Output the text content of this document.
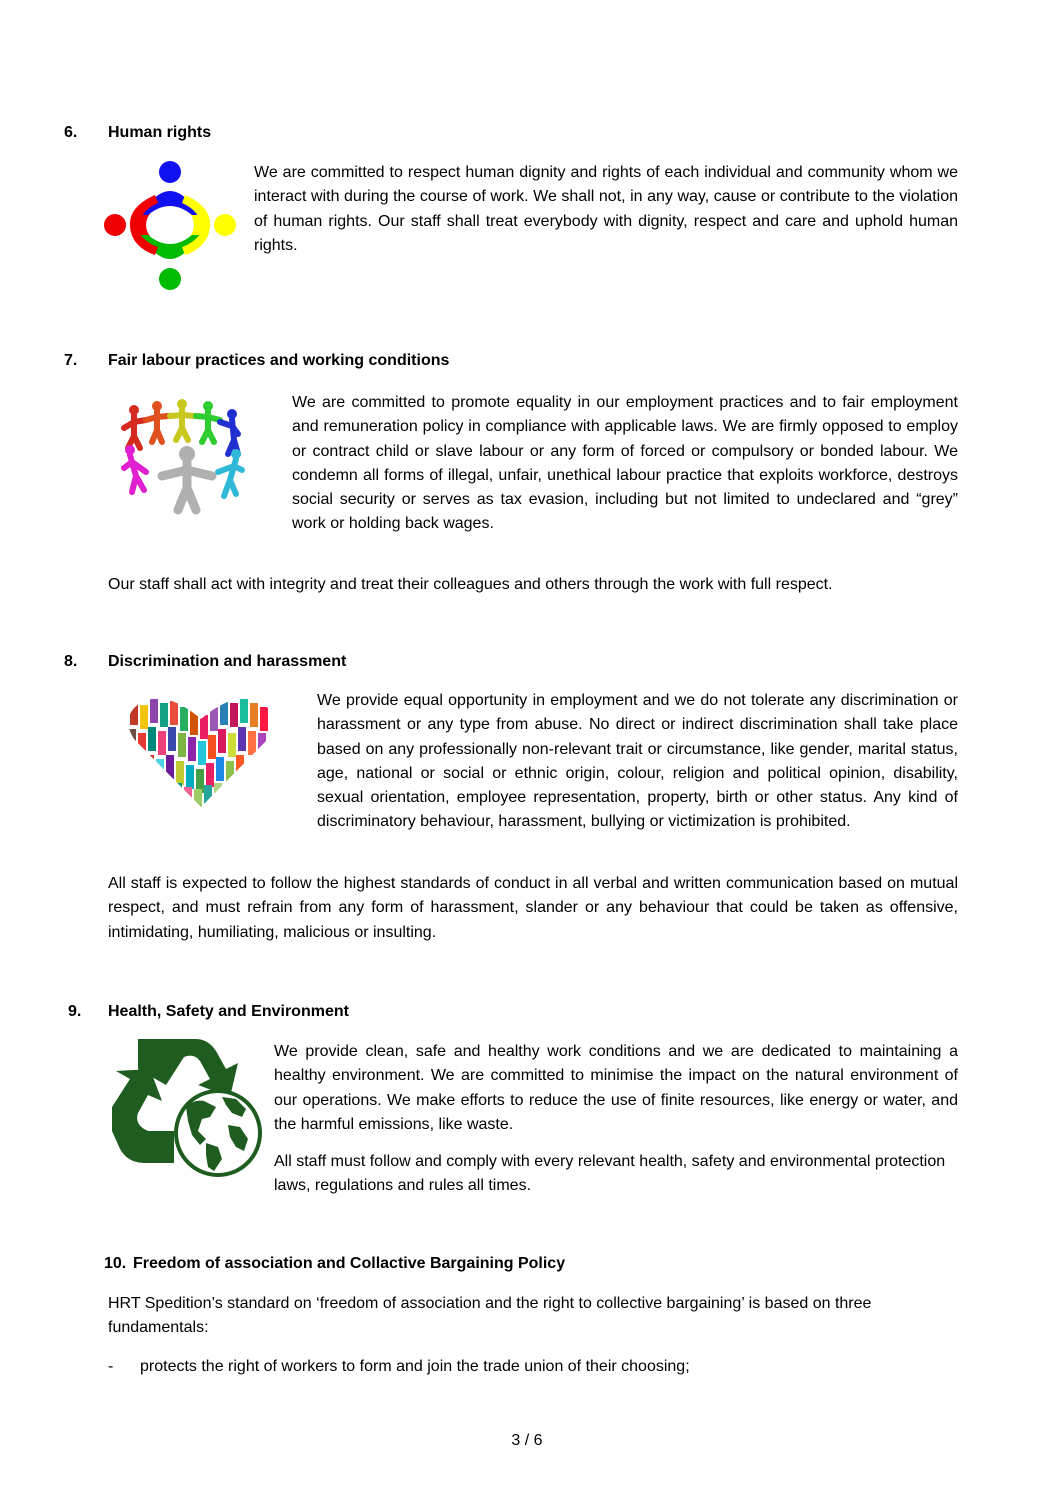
6. Human rights
We are committed to respect human dignity and rights of each individual and community whom we interact with during the course of work. We shall not, in any way, cause or contribute to the violation of human rights. Our staff shall treat everybody with dignity, respect and care and uphold human rights.
7. Fair labour practices and working conditions
We are committed to promote equality in our employment practices and to fair employment and remuneration policy in compliance with applicable laws. We are firmly opposed to employ or contract child or slave labour or any form of forced or compulsory or bonded labour. We condemn all forms of illegal, unfair, unethical labour practice that exploits workforce, destroys social security or serves as tax evasion, including but not limited to undeclared and “grey” work or holding back wages.
Our staff shall act with integrity and treat their colleagues and others through the work with full respect.
8. Discrimination and harassment
We provide equal opportunity in employment and we do not tolerate any discrimination or harassment or any type from abuse. No direct or indirect discrimination shall take place based on any professionally non-relevant trait or circumstance, like gender, marital status, age, national or social or ethnic origin, colour, religion and political opinion, disability, sexual orientation, employee representation, property, birth or other status. Any kind of discriminatory behaviour, harassment, bullying or victimization is prohibited.
All staff is expected to follow the highest standards of conduct in all verbal and written communication based on mutual respect, and must refrain from any form of harassment, slander or any behaviour that could be taken as offensive, intimidating, humiliating, malicious or insulting.
9. Health, Safety and Environment
We provide clean, safe and healthy work conditions and we are dedicated to maintaining a healthy environment. We are committed to minimise the impact on the natural environment of our operations. We make efforts to reduce the use of finite resources, like energy or water, and the harmful emissions, like waste.
All staff must follow and comply with every relevant health, safety and environmental protection laws, regulations and rules all times.
10. Freedom of association and Collactive Bargaining Policy
HRT Spedition’s standard on ‘freedom of association and the right to collective bargaining’ is based on three fundamentals:
- protects the right of workers to form and join the trade union of their choosing;
3 / 6
